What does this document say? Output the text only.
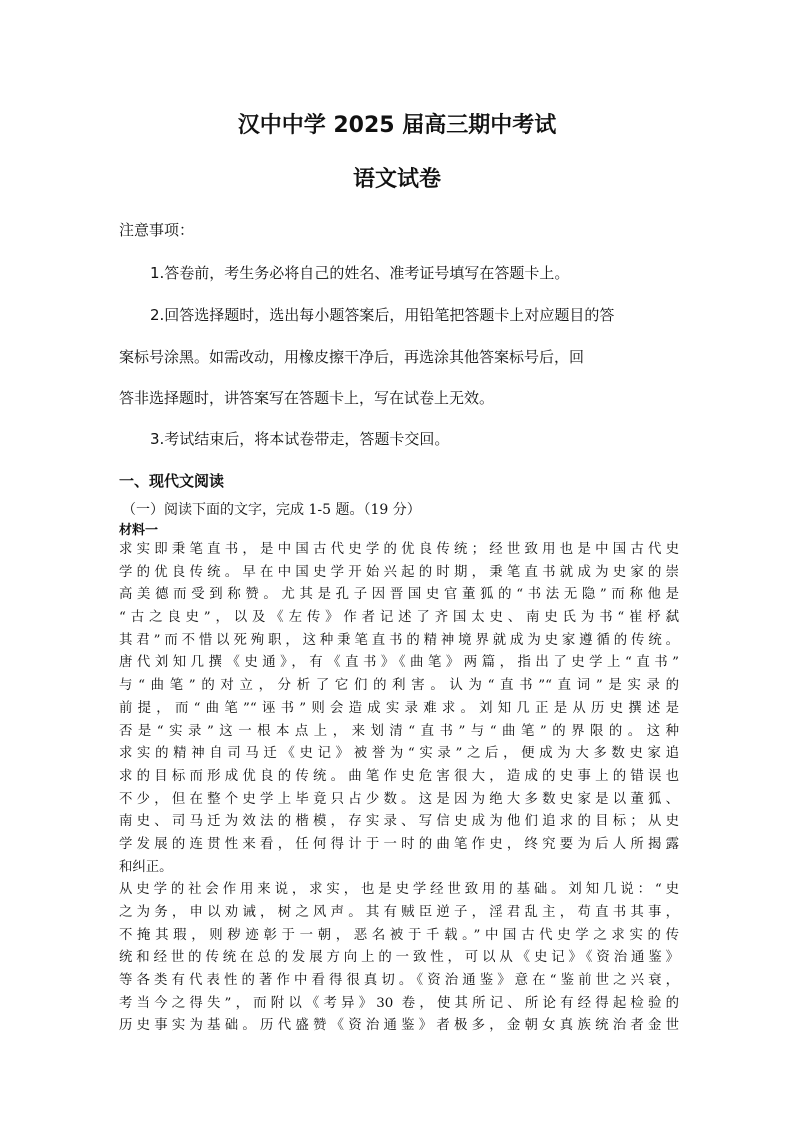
汉中中学 2025 届高三期中考试
语文试卷
注意事项：
1.答卷前，考生务必将自己的姓名、准考证号填写在答题卡上。
2.回答选择题时，选出每小题答案后，用铅笔把答题卡上对应题目的答
案标号涂黑。如需改动，用橡皮擦干净后，再选涂其他答案标号后，回
答非选择题时，讲答案写在答题卡上，写在试卷上无效。
3.考试结束后，将本试卷带走，答题卡交回。
一、现代文阅读
（一）阅读下面的文字，完成 1-5 题。（19 分）
材料一
求实即秉笔直书，是中国古代史学的优良传统；经世致用也是中国古代史
学的优良传统。早在中国史学开始兴起的时期，秉笔直书就成为史家的崇
高美德而受到称赞。尤其是孔子因晋国史官董狐的“书法无隐”而称他是
“古之良史”，以及《左传》作者记述了齐国太史、南史氏为书“崔杼弑
其君”而不惜以死殉职，这种秉笔直书的精神境界就成为史家遵循的传统。
唐代刘知几撰《史通》，有《直书》《曲笔》两篇，指出了史学上“直书”
与“曲笔”的对立，分析了它们的利害。认为“直书”“直词”是实录的
前提，而“曲笔”“诬书”则会造成实录难求。刘知几正是从历史撰述是
否是“实录”这一根本点上，来划清“直书”与“曲笔”的界限的。这种
求实的精神自司马迁《史记》被誉为“实录”之后，便成为大多数史家追
求的目标而形成优良的传统。曲笔作史危害很大，造成的史事上的错误也
不少，但在整个史学上毕竟只占少数。这是因为绝大多数史家是以董狐、
南史、司马迁为效法的楷模，存实录、写信史成为他们追求的目标；从史
学发展的连贯性来看，任何得计于一时的曲笔作史，终究要为后人所揭露
和纠正。
从史学的社会作用来说，求实，也是史学经世致用的基础。刘知几说：“史
之为务，申以劝诫，树之风声。其有贼臣逆子，淫君乱主，苟直书其事，
不掩其瑕，则秽迹彰于一朝，恶名被于千载。”中国古代史学之求实的传
统和经世的传统在总的发展方向上的一致性，可以从《史记》《资治通鉴》
等各类有代表性的著作中看得很真切。《资治通鉴》意在“鉴前世之兴衰，
考当今之得失”，而附以《考异》30 卷，使其所记、所论有经得起检验的
历史事实为基础。历代盛赞《资治通鉴》者极多，金朝女真族统治者金世
